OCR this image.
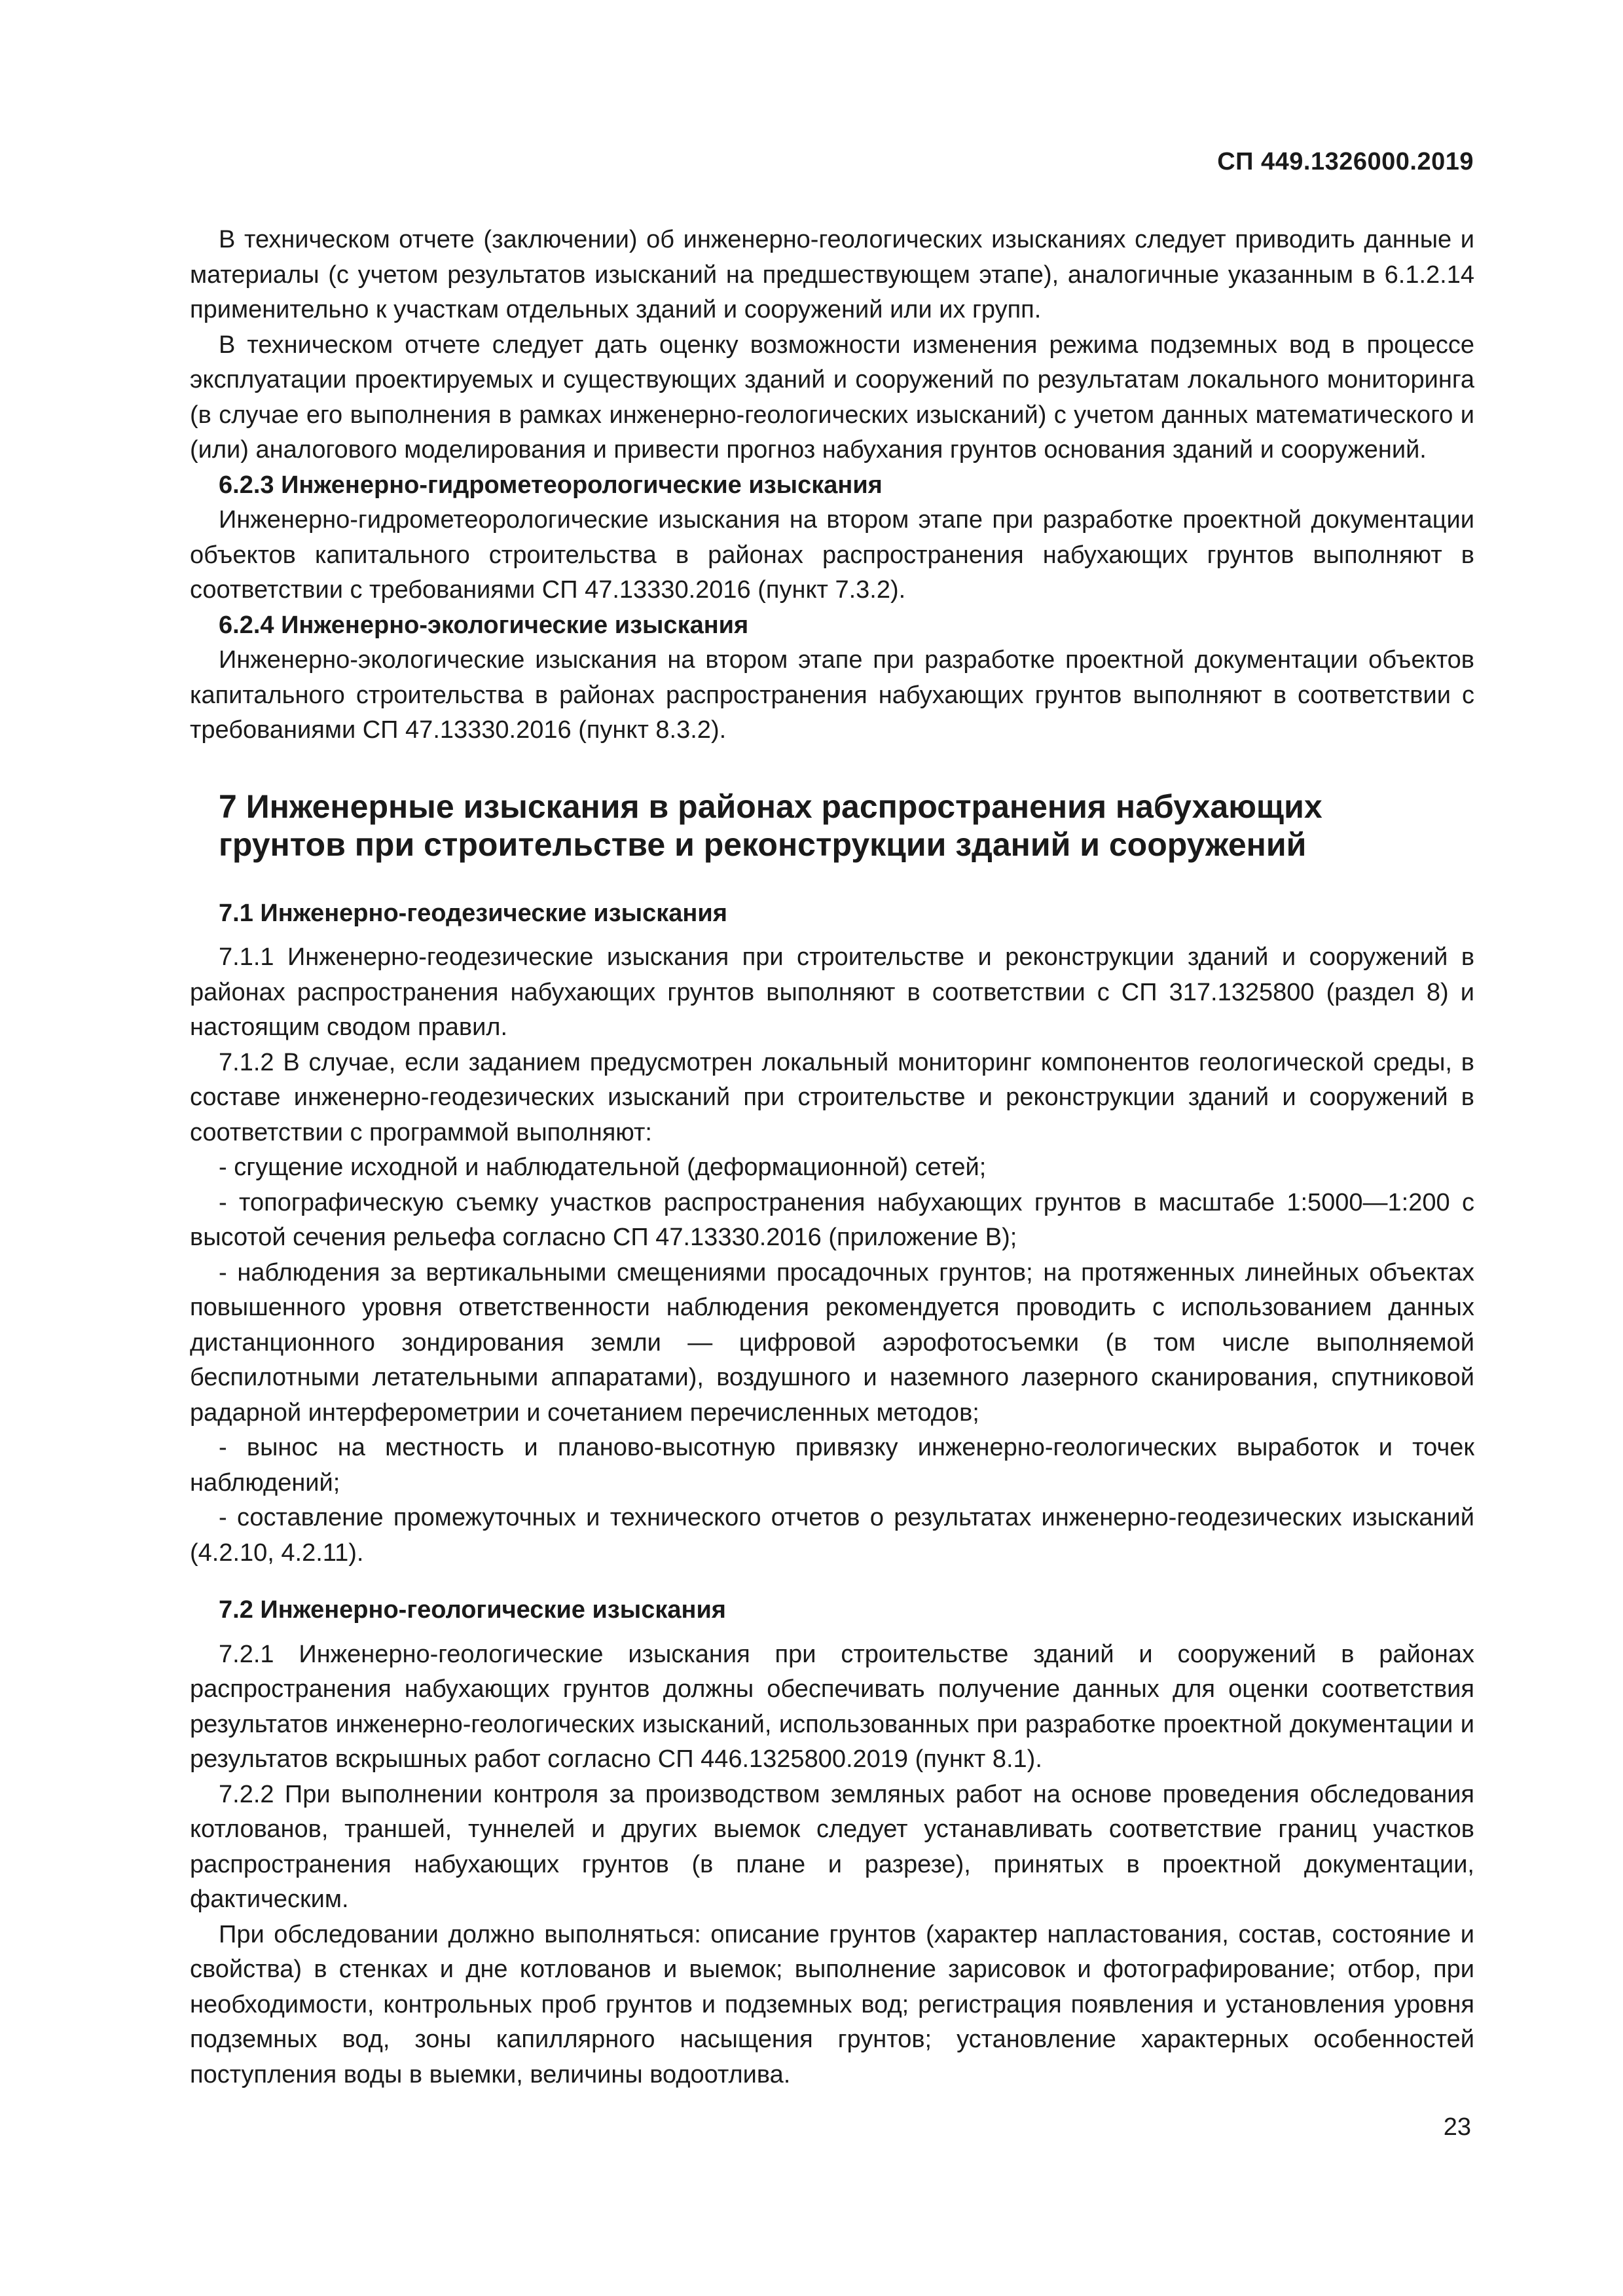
СП 449.1326000.2019

В техническом отчете (заключении) об инженерно-геологических изысканиях следует приводить данные и материалы (с учетом результатов изысканий на предшествующем этапе), аналогичные указанным в 6.1.2.14 применительно к участкам отдельных зданий и сооружений или их групп.

В техническом отчете следует дать оценку возможности изменения режима подземных вод в процессе эксплуатации проектируемых и существующих зданий и сооружений по результатам локального мониторинга (в случае его выполнения в рамках инженерно-геологических изысканий) с учетом данных математического и (или) аналогового моделирования и привести прогноз набухания грунтов основания зданий и сооружений.

6.2.3 Инженерно-гидрометеорологические изыскания

Инженерно-гидрометеорологические изыскания на втором этапе при разработке проектной документации объектов капитального строительства в районах распространения набухающих грунтов выполняют в соответствии с требованиями СП 47.13330.2016 (пункт 7.3.2).

6.2.4 Инженерно-экологические изыскания

Инженерно-экологические изыскания на втором этапе при разработке проектной документации объектов капитального строительства в районах распространения набухающих грунтов выполняют в соответствии с требованиями СП 47.13330.2016 (пункт 8.3.2).

7 Инженерные изыскания в районах распространения набухающих грунтов при строительстве и реконструкции зданий и сооружений
7.1 Инженерно-геодезические изыскания

7.1.1 Инженерно-геодезические изыскания при строительстве и реконструкции зданий и сооружений в районах распространения набухающих грунтов выполняют в соответствии с СП 317.1325800 (раздел 8) и настоящим сводом правил.

7.1.2 В случае, если заданием предусмотрен локальный мониторинг компонентов геологической среды, в составе инженерно-геодезических изысканий при строительстве и реконструкции зданий и сооружений в соответствии с программой выполняют:

- сгущение исходной и наблюдательной (деформационной) сетей;

- топографическую съемку участков распространения набухающих грунтов в масштабе 1:5000—1:200 с высотой сечения рельефа согласно СП 47.13330.2016 (приложение В);

- наблюдения за вертикальными смещениями просадочных грунтов; на протяженных линейных объектах повышенного уровня ответственности наблюдения рекомендуется проводить с использованием данных дистанционного зондирования земли — цифровой аэрофотосъемки (в том числе выполняемой беспилотными летательными аппаратами), воздушного и наземного лазерного сканирования, спутниковой радарной интерферометрии и сочетанием перечисленных методов;

- вынос на местность и планово-высотную привязку инженерно-геологических выработок и точек наблюдений;

- составление промежуточных и технического отчетов о результатах инженерно-геодезических изысканий (4.2.10, 4.2.11).

7.2 Инженерно-геологические изыскания

7.2.1 Инженерно-геологические изыскания при строительстве зданий и сооружений в районах распространения набухающих грунтов должны обеспечивать получение данных для оценки соответствия результатов инженерно-геологических изысканий, использованных при разработке проектной документации и результатов вскрышных работ согласно СП 446.1325800.2019 (пункт 8.1).

7.2.2 При выполнении контроля за производством земляных работ на основе проведения обследования котлованов, траншей, туннелей и других выемок следует устанавливать соответствие границ участков распространения набухающих грунтов (в плане и разрезе), принятых в проектной документации, фактическим.

При обследовании должно выполняться: описание грунтов (характер напластования, состав, состояние и свойства) в стенках и дне котлованов и выемок; выполнение зарисовок и фотографирование; отбор, при необходимости, контрольных проб грунтов и подземных вод; регистрация появления и установления уровня подземных вод, зоны капиллярного насыщения грунтов; установление характерных особенностей поступления воды в выемки, величины водоотлива.

23
